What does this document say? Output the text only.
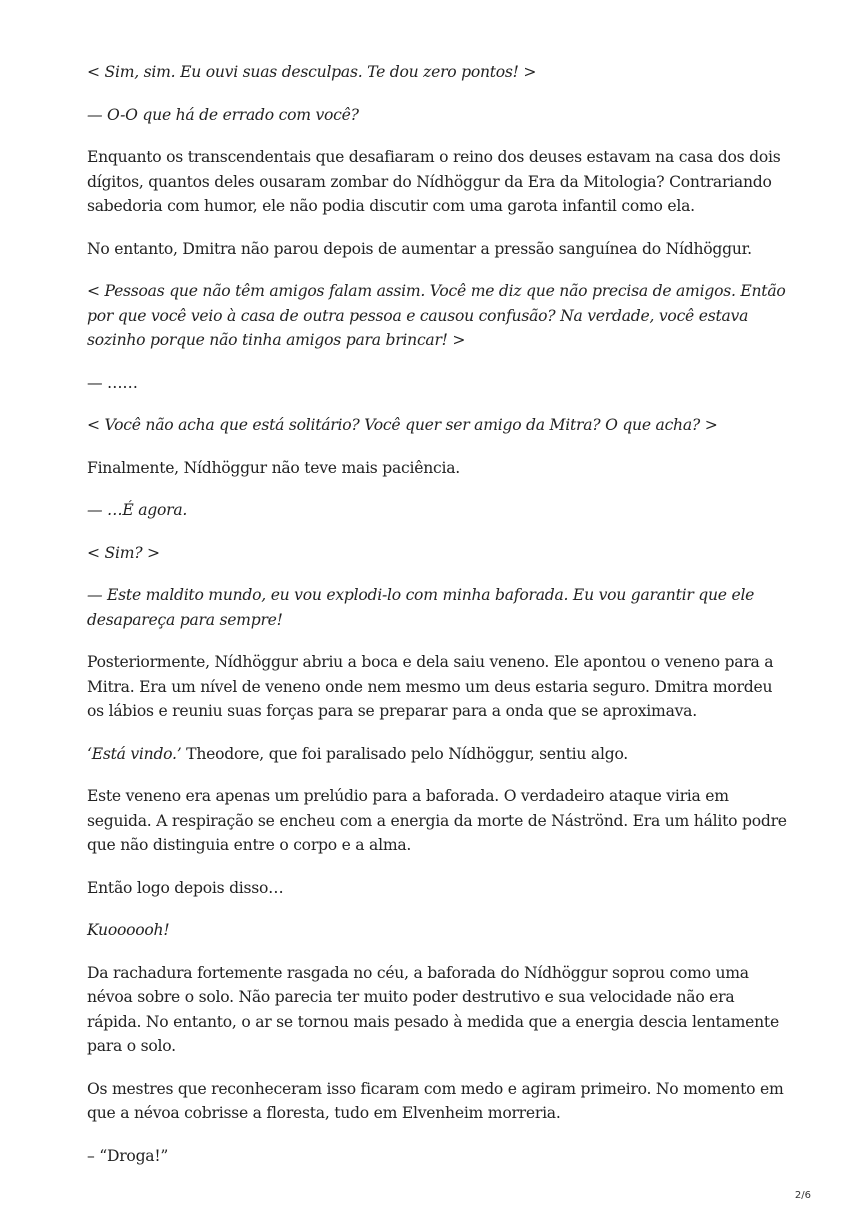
< Sim, sim. Eu ouvi suas desculpas. Te dou zero pontos! >

— O-O que há de errado com você?

Enquanto os transcendentais que desafiaram o reino dos deuses estavam na casa dos dois dígitos, quantos deles ousaram zombar do Nídhöggur da Era da Mitologia? Contrariando sabedoria com humor, ele não podia discutir com uma garota infantil como ela.

No entanto, Dmitra não parou depois de aumentar a pressão sanguínea do Nídhöggur.

< Pessoas que não têm amigos falam assim. Você me diz que não precisa de amigos. Então por que você veio à casa de outra pessoa e causou confusão? Na verdade, você estava sozinho porque não tinha amigos para brincar! >

— ……

< Você não acha que está solitário? Você quer ser amigo da Mitra? O que acha? >

Finalmente, Nídhöggur não teve mais paciência.

— …É agora.

< Sim? >

— Este maldito mundo, eu vou explodi-lo com minha baforada. Eu vou garantir que ele desapareça para sempre!

Posteriormente, Nídhöggur abriu a boca e dela saiu veneno. Ele apontou o veneno para a Mitra. Era um nível de veneno onde nem mesmo um deus estaria seguro. Dmitra mordeu os lábios e reuniu suas forças para se preparar para a onda que se aproximava.

‘Está vindo.’ Theodore, que foi paralisado pelo Nídhöggur, sentiu algo.

Este veneno era apenas um prelúdio para a baforada. O verdadeiro ataque viria em seguida. A respiração se encheu com a energia da morte de Náströnd. Era um hálito podre que não distinguia entre o corpo e a alma.

Então logo depois disso…

Kuoooooh!

Da rachadura fortemente rasgada no céu, a baforada do Nídhöggur soprou como uma névoa sobre o solo. Não parecia ter muito poder destrutivo e sua velocidade não era rápida. No entanto, o ar se tornou mais pesado à medida que a energia descia lentamente para o solo.

Os mestres que reconheceram isso ficaram com medo e agiram primeiro. No momento em que a névoa cobrisse a floresta, tudo em Elvenheim morreria.

– “Droga!”

2/6
